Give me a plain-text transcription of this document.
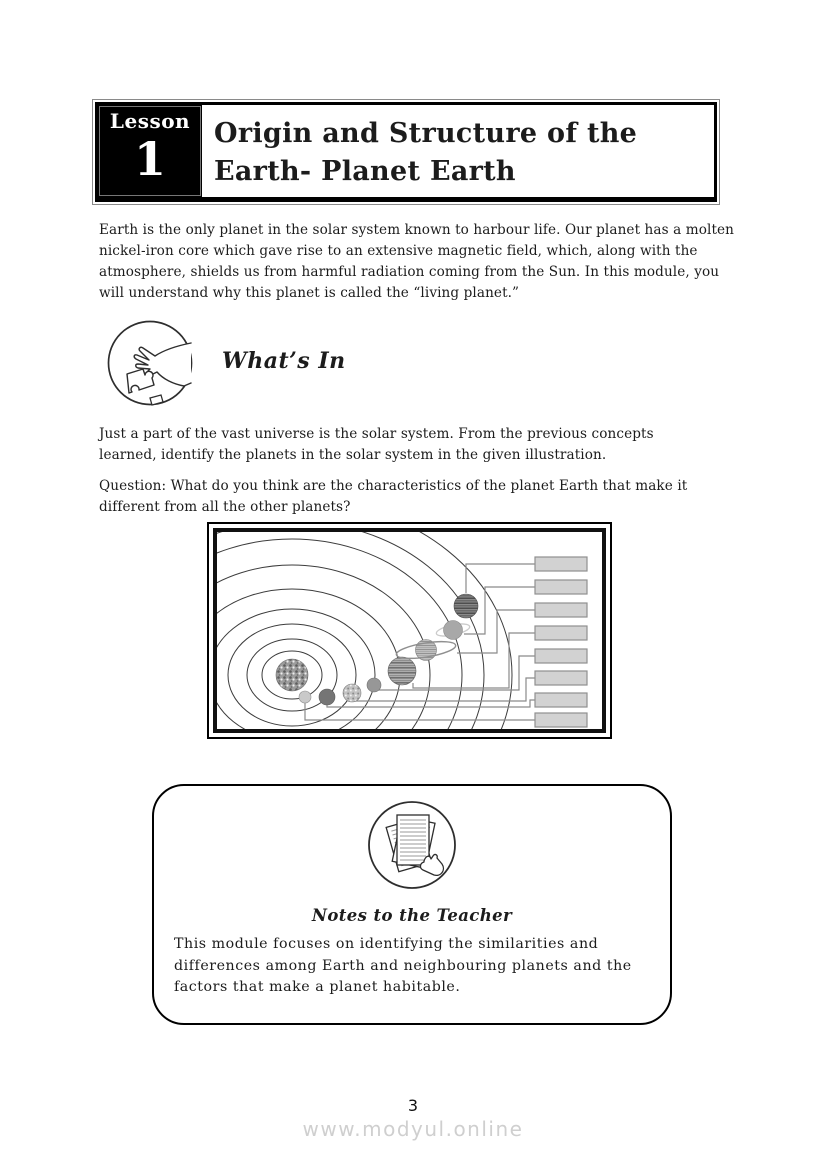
Lesson
1	Origin and Structure of the
Earth- Planet Earth
Earth is the only planet in the solar system known to harbour life. Our planet has a molten nickel-iron core which gave rise to an extensive magnetic field, which, along with the atmosphere, shields us from harmful radiation coming from the Sun. In this module, you will understand why this planet is called the “living planet.”
What’s In
Just a part of the vast universe is the solar system. From the previous concepts learned, identify the planets in the solar system in the given illustration.
Question: What do you think are the characteristics of the planet Earth that make it different from all the other planets?
Notes to the Teacher
This module focuses on identifying the similarities and differences among Earth and neighbouring planets and the factors that make a planet habitable.
3
www.modyul.online
